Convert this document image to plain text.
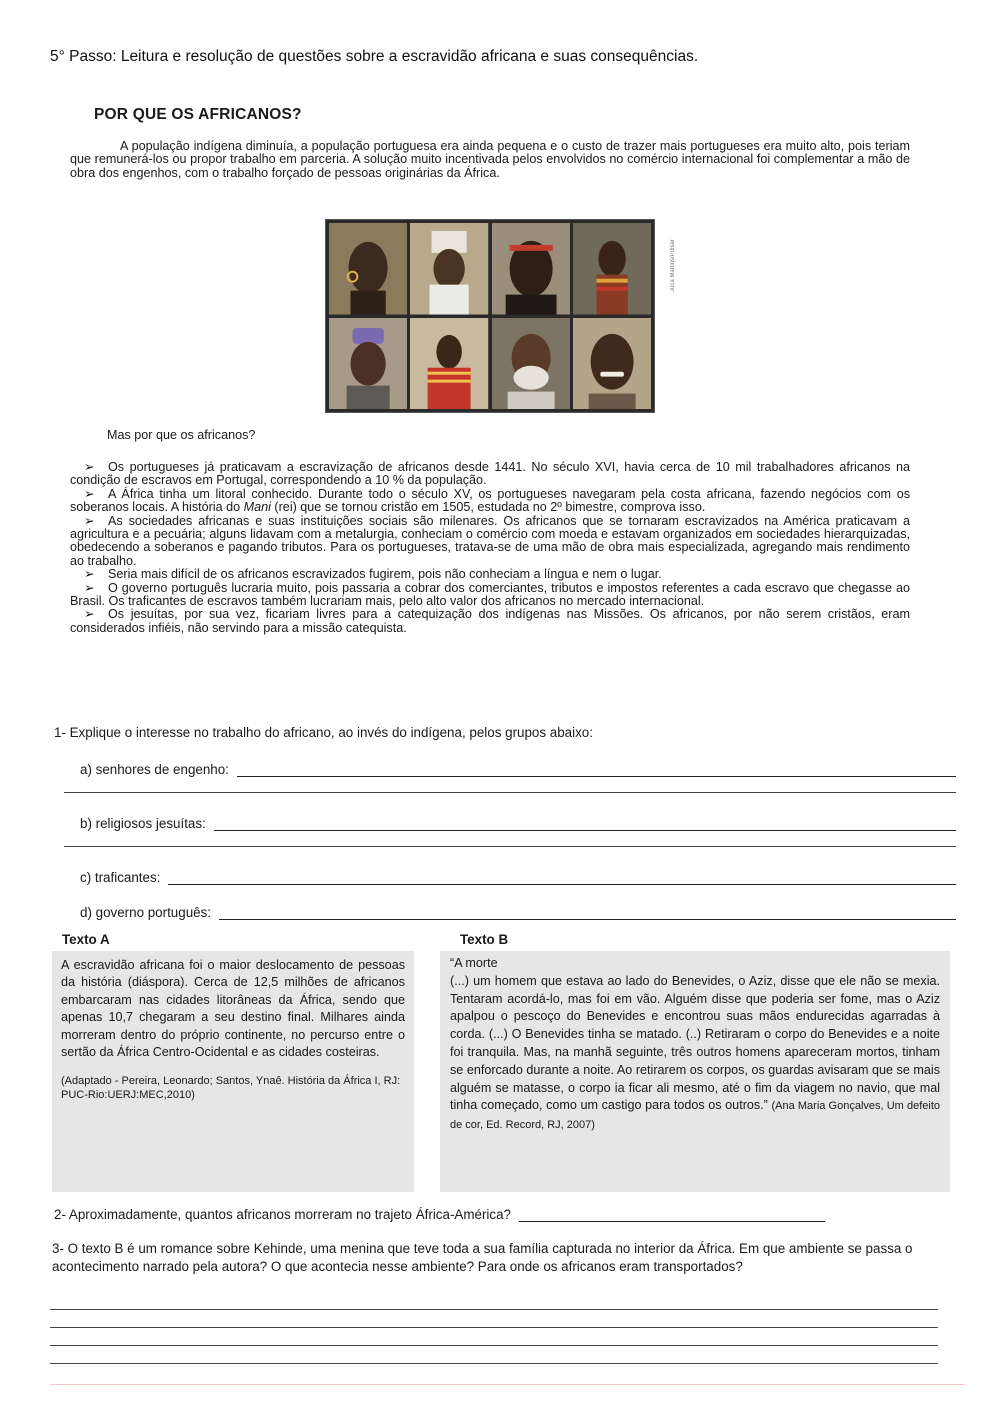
5° Passo: Leitura e resolução de questões sobre a escravidão africana e suas consequências.
POR QUE OS AFRICANOS?
A população indígena diminuía, a população portuguesa era ainda pequena e o custo de trazer mais portugueses era muito alto, pois teriam que remunerá-los ou propor trabalho em parceria. A solução muito incentivada pelos envolvidos no comércio internacional foi complementar a mão de obra dos engenhos, com o trabalho forçado de pessoas originárias da África.
Juca Martins/Pulsar
Mas por que os africanos?

➢ Os portugueses já praticavam a escravização de africanos desde 1441. No século XVI, havia cerca de 10 mil trabalhadores africanos na condição de escravos em Portugal, correspondendo a 10 % da população.

➢ A África tinha um litoral conhecido. Durante todo o século XV, os portugueses navegaram pela costa africana, fazendo negócios com os soberanos locais. A história do Mani (rei) que se tornou cristão em 1505, estudada no 2º bimestre, comprova isso.

➢ As sociedades africanas e suas instituições sociais são milenares. Os africanos que se tornaram escravizados na América praticavam a agricultura e a pecuária; alguns lidavam com a metalurgia, conheciam o comércio com moeda e estavam organizados em sociedades hierarquizadas, obedecendo a soberanos e pagando tributos. Para os portugueses, tratava-se de uma mão de obra mais especializada, agregando mais rendimento ao trabalho.

➢ Seria mais difícil de os africanos escravizados fugirem, pois não conheciam a língua e nem o lugar.

➢ O governo português lucraria muito, pois passaria a cobrar dos comerciantes, tributos e impostos referentes a cada escravo que chegasse ao Brasil. Os traficantes de escravos também lucrariam mais, pelo alto valor dos africanos no mercado internacional.

➢ Os jesuítas, por sua vez, ficariam livres para a catequização dos indígenas nas Missões. Os africanos, por não serem cristãos, eram considerados infiéis, não servindo para a missão catequista.

1- Explique o interesse no trabalho do africano, ao invés do indígena, pelos grupos abaixo:
a) senhores de engenho:
b) religiosos jesuítas:
c) traficantes:
d) governo português:
Texto A	Texto B
A escravidão africana foi o maior deslocamento de pessoas da história (diáspora). Cerca de 12,5 milhões de africanos embarcaram nas cidades litorâneas da África, sendo que apenas 10,7 chegaram a seu destino final. Milhares ainda morreram dentro do próprio continente, no percurso entre o sertão da África Centro-Ocidental e as cidades costeiras.
(Adaptado - Pereira, Leonardo; Santos, Ynaê. História da África I, RJ: PUC-Rio:UERJ:MEC,2010)
“A morte
(...) um homem que estava ao lado do Benevides, o Aziz, disse que ele não se mexia. Tentaram acordá-lo, mas foi em vão. Alguém disse que poderia ser fome, mas o Aziz apalpou o pescoço do Benevides e encontrou suas mãos endurecidas agarradas à corda. (...) O Benevides tinha se matado. (..) Retiraram o corpo do Benevides e a noite foi tranquila. Mas, na manhã seguinte, três outros homens apareceram mortos, tinham se enforcado durante a noite. Ao retirarem os corpos, os guardas avisaram que se mais alguém se matasse, o corpo ia ficar ali mesmo, até o fim da viagem no navio, que mal tinha começado, como um castigo para todos os outros.” (Ana Maria Gonçalves, Um defeito de cor, Ed. Record, RJ, 2007)
2- Aproximadamente, quantos africanos morreram no trajeto África-América?
3- O texto B é um romance sobre Kehinde, uma menina que teve toda a sua família capturada no interior da África. Em que ambiente se passa o acontecimento narrado pela autora? O que acontecia nesse ambiente? Para onde os africanos eram transportados?
